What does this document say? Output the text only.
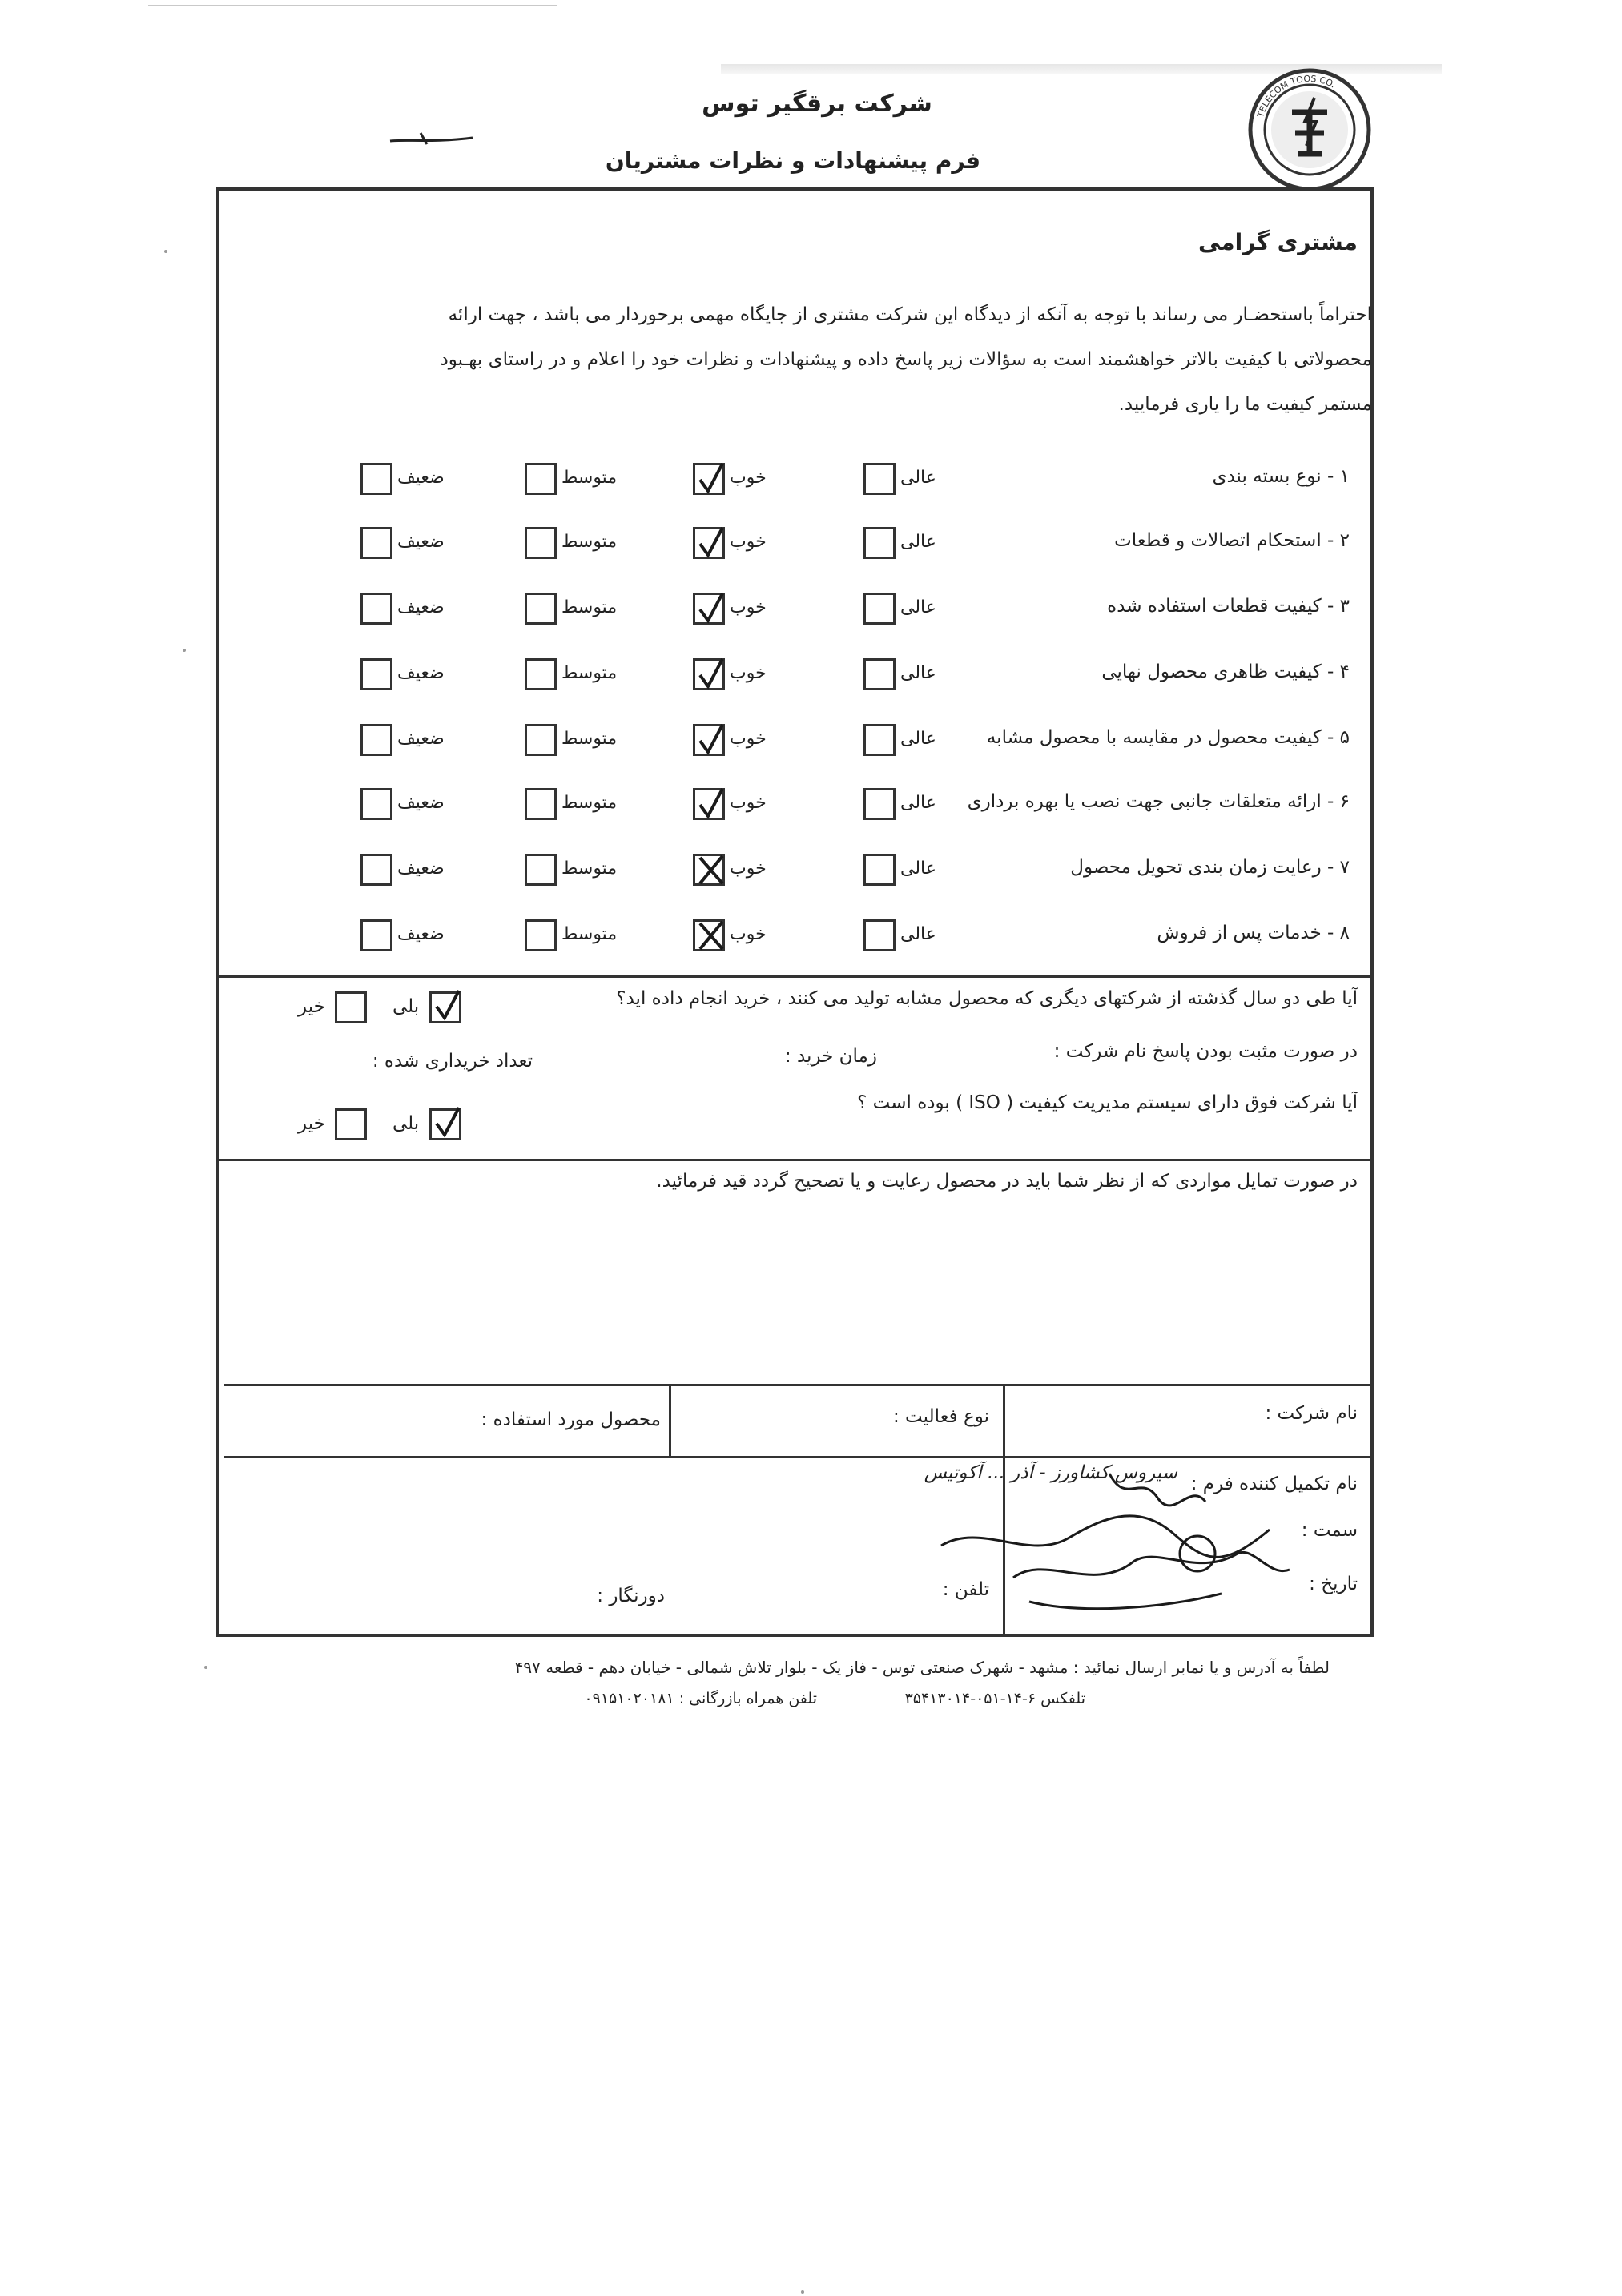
TELECOM TOOS CO.
شرکت برقگیر توس
فرم پیشنهادات و نظرات مشتریان
مشتری گرامی
احتراماً باستحضـار می رساند با توجه به آنکه از دیدگاه این شرکت مشتری از جایگاه مهمی برحوردار می باشد ، جهت ارائه
محصولاتی با کیفیت بالاتر خواهشمند است به سؤالات زیر پاسخ داده و پیشنهادات و نظرات خود را اعلام و در راستای بهـبود
مستمر کیفیت ما را یاری فرمایید.
۱ - نوع بسته بندی
عالی
خوب
متوسط
ضعیف
۲ - استحکام اتصالات و قطعات
عالی
خوب
متوسط
ضعیف
۳ - کیفیت قطعات استفاده شده
عالی
خوب
متوسط
ضعیف
۴ - کیفیت ظاهری محصول نهایی
عالی
خوب
متوسط
ضعیف
۵ - کیفیت محصول در مقایسه با محصول مشابه
عالی
خوب
متوسط
ضعیف
۶ - ارائه متعلقات جانبی جهت نصب یا بهره برداری
عالی
خوب
متوسط
ضعیف
۷ - رعایت زمان بندی تحویل محصول
عالی
خوب
متوسط
ضعیف
۸ - خدمات پس از فروش
عالی
خوب
متوسط
ضعیف
آیا طی دو سال گذشته از شرکتهای دیگری که محصول مشابه تولید می کنند ، خرید انجام داده اید؟
بلی
خیر
در صورت مثبت بودن پاسخ نام شرکت :
زمان خرید :
تعداد خریداری شده :
آیا شرکت فوق دارای سیستم مدیریت کیفیت ( ISO ) بوده است ؟
بلی
خیر
در صورت تمایل مواردی که از نظر شما باید در محصول رعایت و یا تصحیح گردد قید فرمائید.
نام شرکت :
نوع فعالیت :
محصول مورد استفاده :
نام تکمیل کننده فرم :
سیروس کشاورز - آذر ... آکوتیس
سمت :
تاریخ :
تلفن :
دورنگار :
لطفاً به آدرس و یا نمابر ارسال نمائید : مشهد - شهرک صنعتی توس - فاز یک - بلوار تلاش شمالی - خیابان دهم - قطعه ۴۹۷
تلفکس ۶-۱۴-۰۵۱-۳۵۴۱۳۰۱۴
تلفن همراه بازرگانی : ۰۹۱۵۱۰۲۰۱۸۱
